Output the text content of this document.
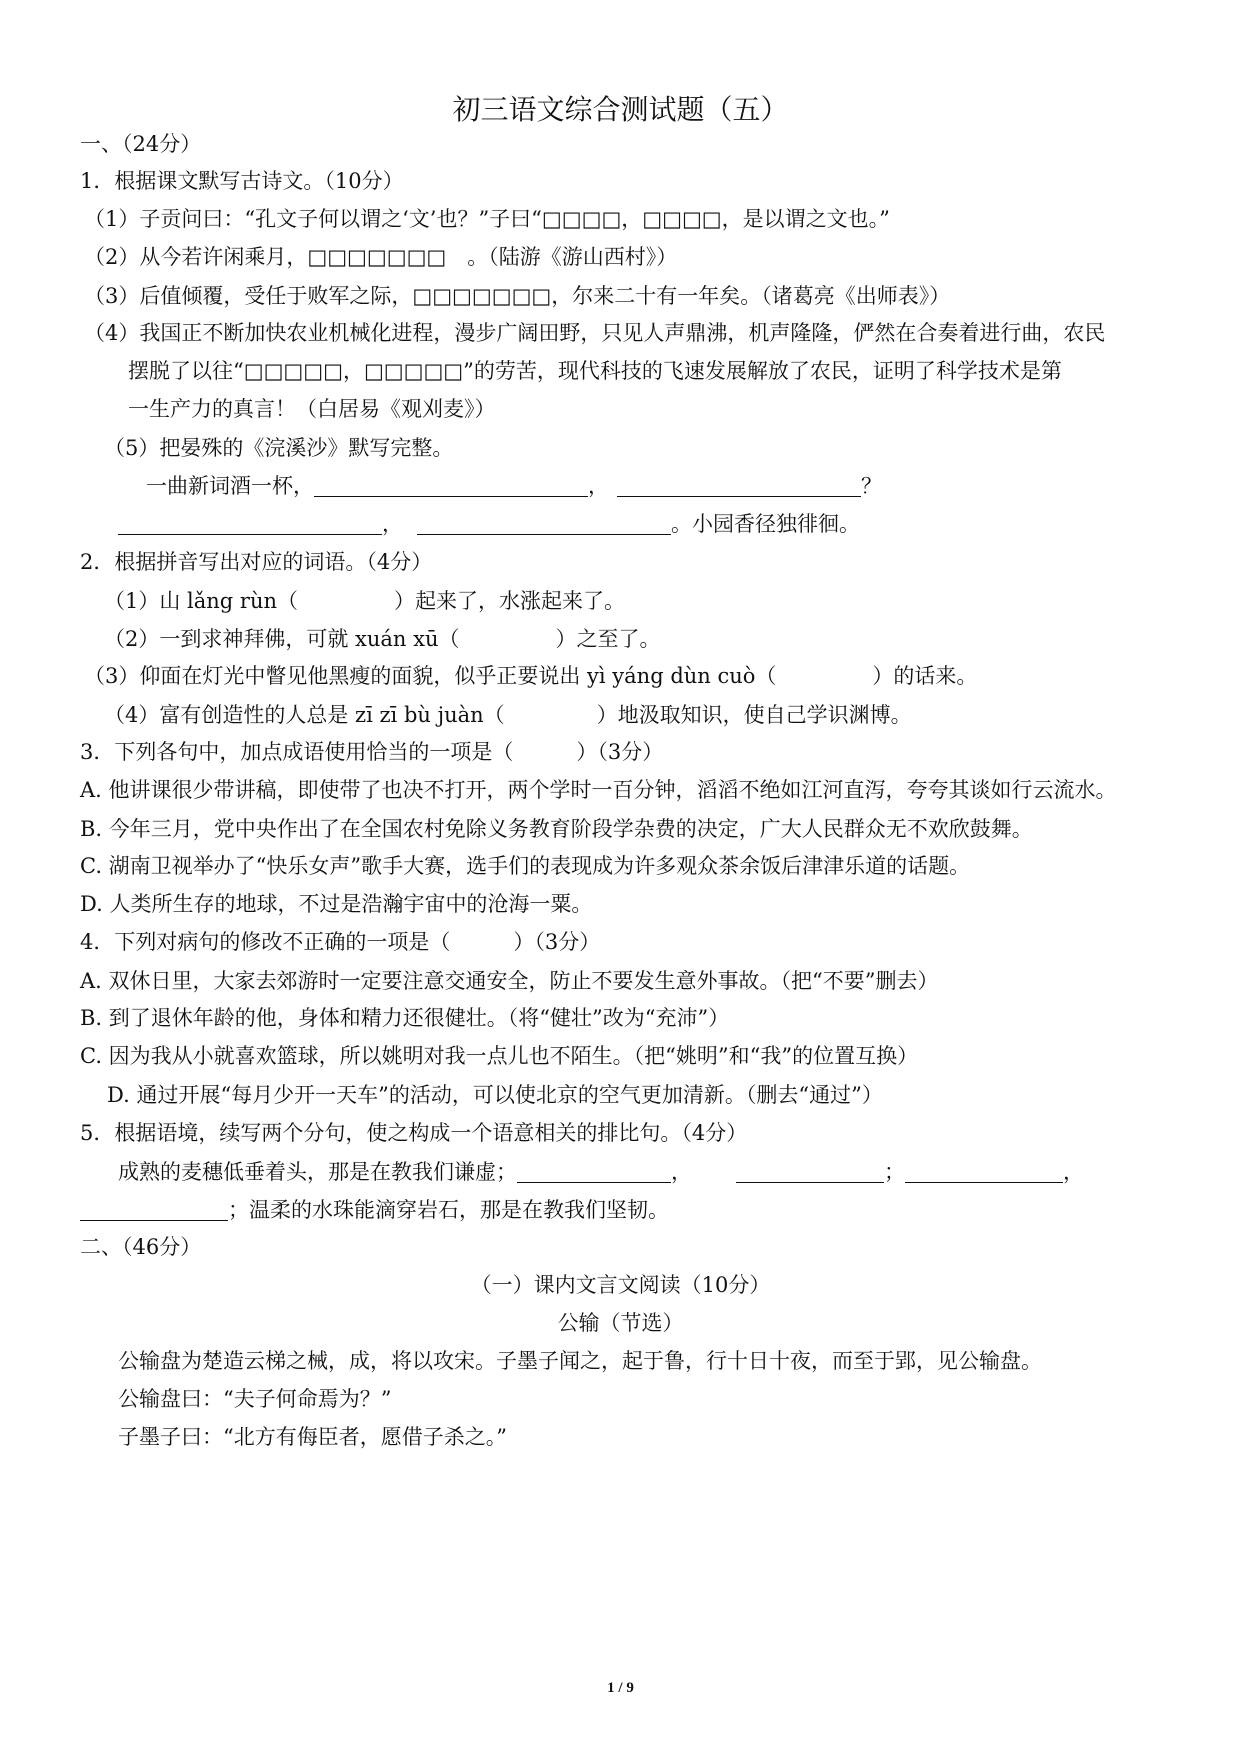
初三语文综合测试题（五）
一、（24分）
1．根据课文默写古诗文。（10分）
（1）子贡问曰：“孔文子何以谓之‘文’也？”子曰“□□□□，□□□□，是以谓之文也。”
（2）从今若许闲乘月，□□□□□□□　。（陆游《游山西村》）
（3）后值倾覆，受任于败军之际，□□□□□□□，尔来二十有一年矣。（诸葛亮《出师表》）
（4）我国正不断加快农业机械化进程，漫步广阔田野，只见人声鼎沸，机声隆隆，俨然在合奏着进行曲，农民
摆脱了以往“□□□□□，□□□□□”的劳苦，现代科技的飞速发展解放了农民，证明了科学技术是第
一生产力的真言！（白居易《观刈麦》）
（5）把晏殊的《浣溪沙》默写完整。
一曲新词酒一杯，	，	？
，	。小园香径独徘徊。
2．根据拼音写出对应的词语。（4分）
（1）山 lǎng rùn（	）起来了，水涨起来了。
（2）一到求神拜佛，可就 xuán xū（	）之至了。
（3）仰面在灯光中瞥见他黑瘦的面貌，似乎正要说出 yì yáng dùn cuò（	）的话来。
（4）富有创造性的人总是 zī zī bù juàn（	）地汲取知识，使自己学识渊博。
3．下列各句中，加点成语使用恰当的一项是（　　　）（3分）
A. 他讲课很少带讲稿，即使带了也决不打开，两个学时一百分钟，滔滔不绝如江河直泻，夸夸其谈如行云流水。
B. 今年三月，党中央作出了在全国农村免除义务教育阶段学杂费的决定，广大人民群众无不欢欣鼓舞。
C. 湖南卫视举办了“快乐女声”歌手大赛，选手们的表现成为许多观众茶余饭后津津乐道的话题。
D. 人类所生存的地球，不过是浩瀚宇宙中的沧海一粟。
4．下列对病句的修改不正确的一项是（　　　）（3分）
A. 双休日里，大家去郊游时一定要注意交通安全，防止不要发生意外事故。（把“不要”删去）
B. 到了退休年龄的他，身体和精力还很健壮。（将“健壮”改为“充沛”）
C. 因为我从小就喜欢篮球，所以姚明对我一点儿也不陌生。（把“姚明”和“我”的位置互换）
D. 通过开展“每月少开一天车”的活动，可以使北京的空气更加清新。（删去“通过”）
5．根据语境，续写两个分句，使之构成一个语意相关的排比句。（4分）
成熟的麦穗低垂着头，那是在教我们谦虚；	，	；	，
；温柔的水珠能滴穿岩石，那是在教我们坚韧。
二、（46分）
（一）课内文言文阅读（10分）
公输（节选）
公输盘为楚造云梯之械，成，将以攻宋。子墨子闻之，起于鲁，行十日十夜，而至于郢，见公输盘。
公输盘曰：“夫子何命焉为？”
子墨子曰：“北方有侮臣者，愿借子杀之。”
1 / 9
